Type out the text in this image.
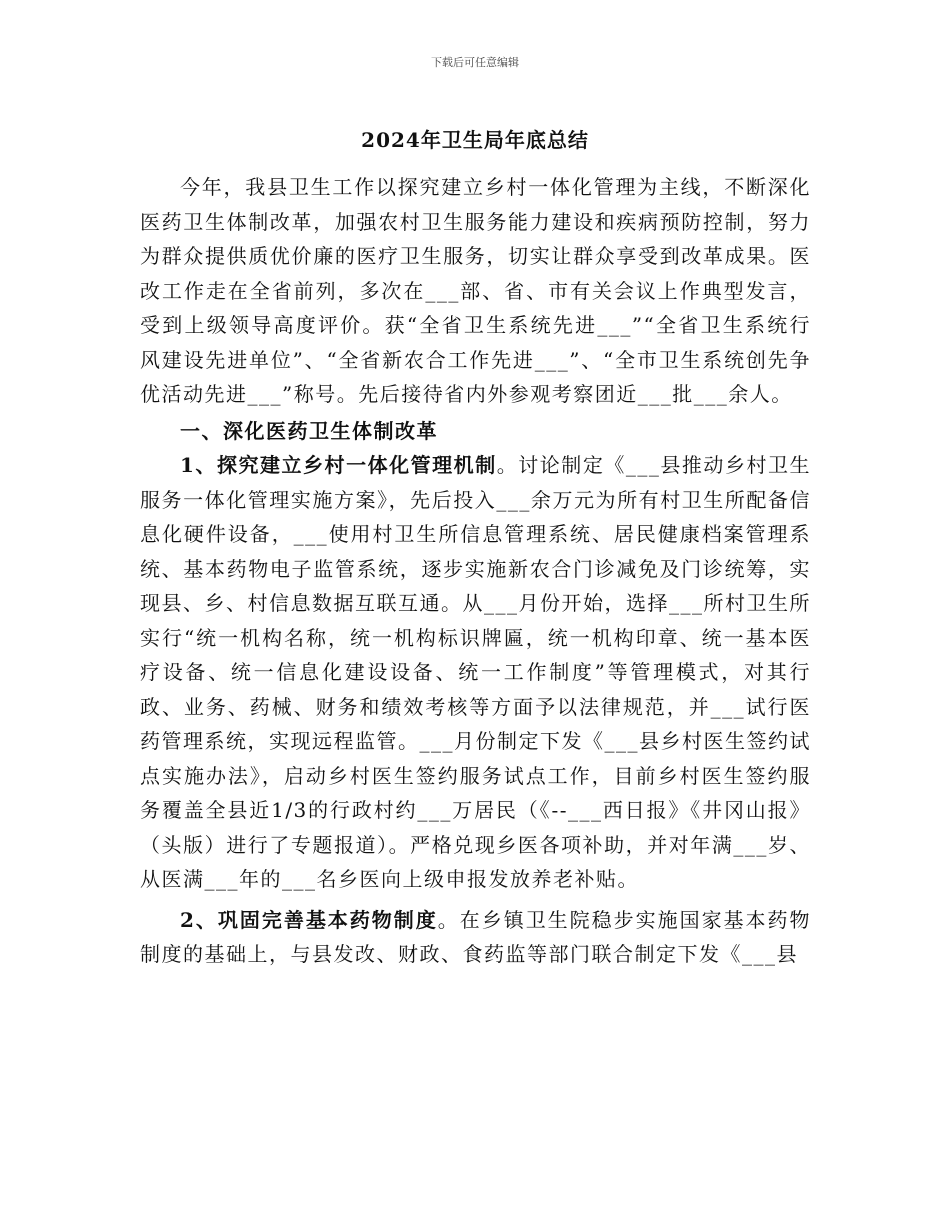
下载后可任意编辑
2024年卫生局年底总结

今年，我县卫生工作以探究建立乡村一体化管理为主线，不断深化医药卫生体制改革，加强农村卫生服务能力建设和疾病预防控制，努力为群众提供质优价廉的医疗卫生服务，切实让群众享受到改革成果。医改工作走在全省前列，多次在___部、省、市有关会议上作典型发言，受到上级领导高度评价。获“全省卫生系统先进___”“全省卫生系统行风建设先进单位”、“全省新农合工作先进___”、“全市卫生系统创先争优活动先进___”称号。先后接待省内外参观考察团近___批___余人。

一、深化医药卫生体制改革

1、探究建立乡村一体化管理机制。讨论制定《___县推动乡村卫生服务一体化管理实施方案》，先后投入___余万元为所有村卫生所配备信息化硬件设备，___使用村卫生所信息管理系统、居民健康档案管理系统、基本药物电子监管系统，逐步实施新农合门诊减免及门诊统筹，实现县、乡、村信息数据互联互通。从___月份开始，选择___所村卫生所实行“统一机构名称，统一机构标识牌匾，统一机构印章、统一基本医疗设备、统一信息化建设设备、统一工作制度”等管理模式，对其行政、业务、药械、财务和绩效考核等方面予以法律规范，并___试行医药管理系统，实现远程监管。___月份制定下发《___县乡村医生签约试点实施办法》，启动乡村医生签约服务试点工作，目前乡村医生签约服务覆盖全县近1/3的行政村约___万居民（《--___西日报》《井冈山报》（头版）进行了专题报道）。严格兑现乡医各项补助，并对年满___岁、从医满___年的___名乡医向上级申报发放养老补贴。

2、巩固完善基本药物制度。在乡镇卫生院稳步实施国家基本药物制度的基础上，与县发改、财政、食药监等部门联合制定下发《___县
